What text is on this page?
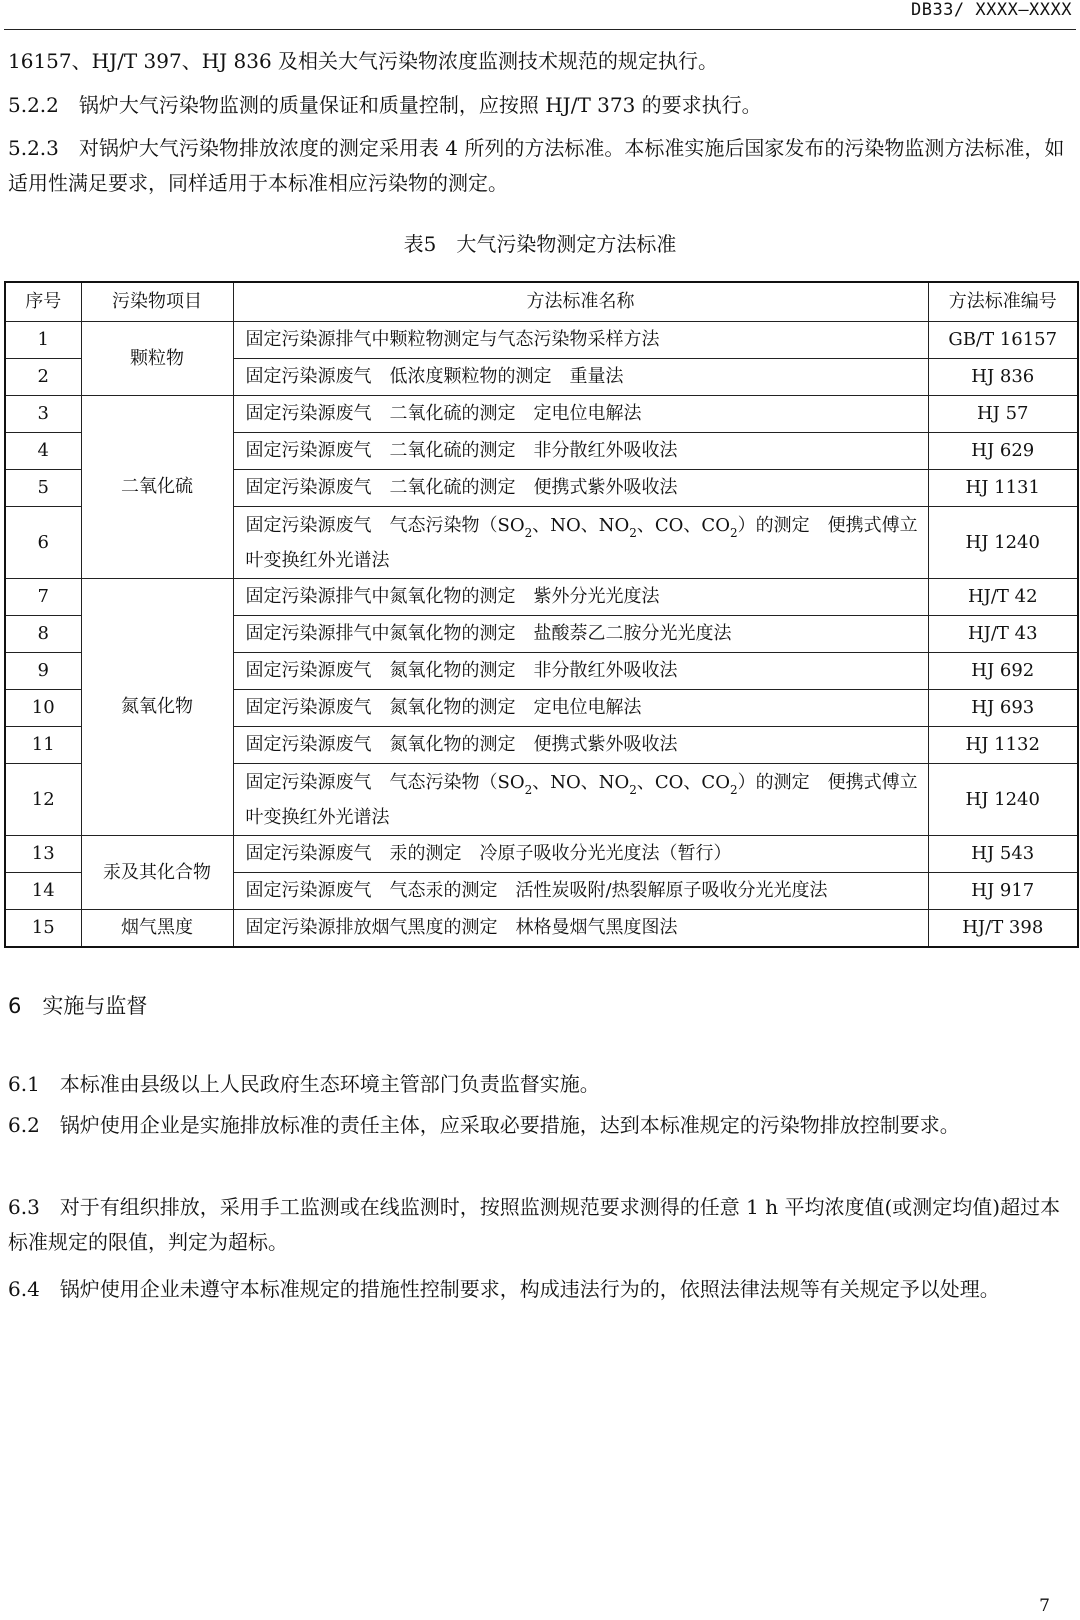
DB33/ XXXX—XXXX

16157、HJ/T 397、HJ 836 及相关大气污染物浓度监测技术规范的规定执行。

5.2.2　锅炉大气污染物监测的质量保证和质量控制，应按照 HJ/T 373 的要求执行。

5.2.3　对锅炉大气污染物排放浓度的测定采用表 4 所列的方法标准。本标准实施后国家发布的污染物监测方法标准，如适用性满足要求，同样适用于本标准相应污染物的测定。

表5　 大气污染物测定方法标准
序号	污染物项目	方法标准名称	方法标准编号
1	颗粒物	固定污染源排气中颗粒物测定与气态污染物采样方法	GB/T 16157
2		固定污染源废气　低浓度颗粒物的测定　重量法	HJ 836
3	二氧化硫	固定污染源废气　二氧化硫的测定　定电位电解法	HJ 57
4		固定污染源废气　二氧化硫的测定　非分散红外吸收法	HJ 629
5		固定污染源废气　二氧化硫的测定　便携式紫外吸收法	HJ 1131
6		固定污染源废气　气态污染物（$SO_2$、NO、$NO_2$、CO、$CO_2$）的测定　便携式傅立叶变换红外光谱法	HJ 1240
7	氮氧化物	固定污染源排气中氮氧化物的测定　紫外分光光度法	HJ/T 42
8		固定污染源排气中氮氧化物的测定　盐酸萘乙二胺分光光度法	HJ/T 43
9		固定污染源废气　氮氧化物的测定　非分散红外吸收法	HJ 692
10		固定污染源废气　氮氧化物的测定　定电位电解法	HJ 693
11		固定污染源废气　氮氧化物的测定　便携式紫外吸收法	HJ 1132
12		固定污染源废气　气态污染物（$SO_2$、NO、$NO_2$、CO、$CO_2$）的测定　便携式傅立叶变换红外光谱法	HJ 1240
13	汞及其化合物	固定污染源废气　汞的测定　冷原子吸收分光光度法（暂行）	HJ 543
14		固定污染源废气　气态汞的测定　活性炭吸附/热裂解原子吸收分光光度法	HJ 917
15	烟气黑度	固定污染源排放烟气黑度的测定　林格曼烟气黑度图法	HJ/T 398
6　 实施与监督

6.1　本标准由县级以上人民政府生态环境主管部门负责监督实施。

6.2　锅炉使用企业是实施排放标准的责任主体，应采取必要措施，达到本标准规定的污染物排放控制要求。

6.3　对于有组织排放，采用手工监测或在线监测时，按照监测规范要求测得的任意 1 h 平均浓度值(或测定均值)超过本标准规定的限值，判定为超标。

6.4　锅炉使用企业未遵守本标准规定的措施性控制要求，构成违法行为的，依照法律法规等有关规定予以处理。

7
